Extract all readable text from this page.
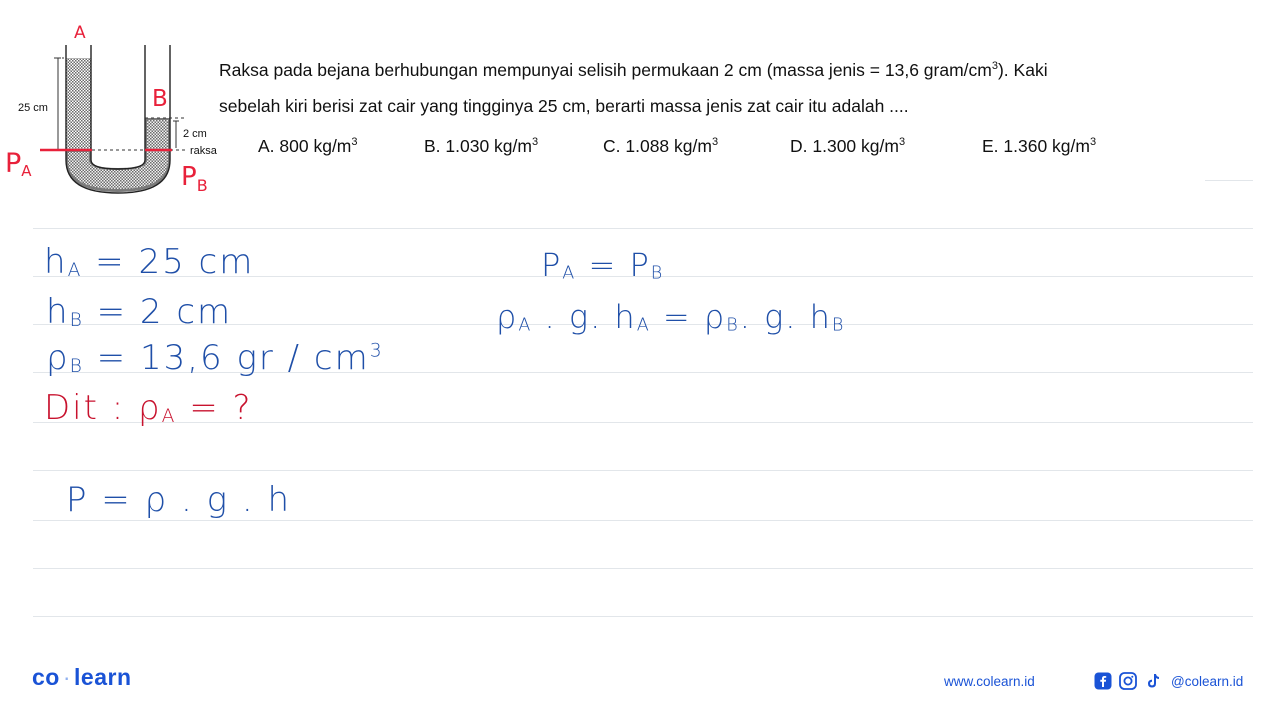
25 cm
2 cm
raksa
A
B
PA	$P_B$
Raksa pada bejana berhubungan mempunyai selisih permukaan 2 cm (massa jenis = 13,6 gram/$cm^3$). Kaki
sebelah kiri berisi zat cair yang tingginya 25 cm, berarti massa jenis zat cair itu adalah ....
A. 800 $kg/m^3$	B. 1.030 $kg/m^3$	C. 1.088 $kg/m^3$	D. 1.300 $kg/m^3$	E. 1.360 $kg/m^3$
$h_A = 25$ cm
$h_B = 2$ cm
$\rho_B = 13,6$ gr / $cm^3$
Dit : $\rho_A$ = ?
P = ρ . g . h
$P_A = P_B$
$\rho_A$ . g. $h_A = \rho_B$. g. $h_B$
co · learn	www.colearn.id	@colearn.id
